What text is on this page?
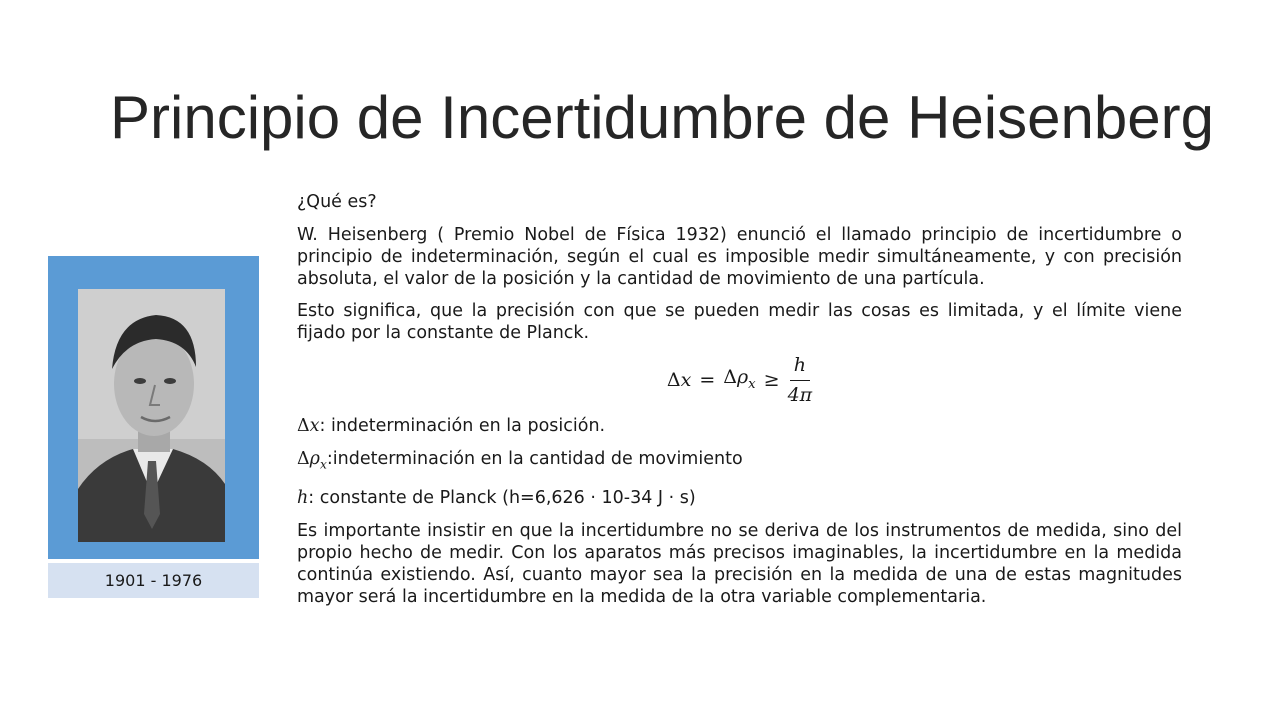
Principio de Incertidumbre de Heisenberg
1901 - 1976

¿Qué es?

W. Heisenberg ( Premio Nobel de Física 1932) enunció el llamado principio de incertidumbre o principio de indeterminación, según el cual es imposible medir simultáneamente, y con precisión absoluta, el valor de la posición y la cantidad de movimiento de una partícula.

Esto significa, que la precisión con que se pueden medir las cosas es limitada, y el límite viene fijado por la constante de Planck.

$\Delta x = \Delta\rho_x \ge \frac{h}{4\pi}$

Δx: indeterminación en la posición.

$\Delta\rho_x:indeterminación$ en la cantidad de movimiento

h: constante de Planck (h=6,626 · 10-34 J · s)

Es importante insistir en que la incertidumbre no se deriva de los instrumentos de medida, sino del propio hecho de medir. Con los aparatos más precisos imaginables, la incertidumbre en la medida continúa existiendo. Así, cuanto mayor sea la precisión en la medida de una de estas magnitudes mayor será la incertidumbre en la medida de la otra variable complementaria.
